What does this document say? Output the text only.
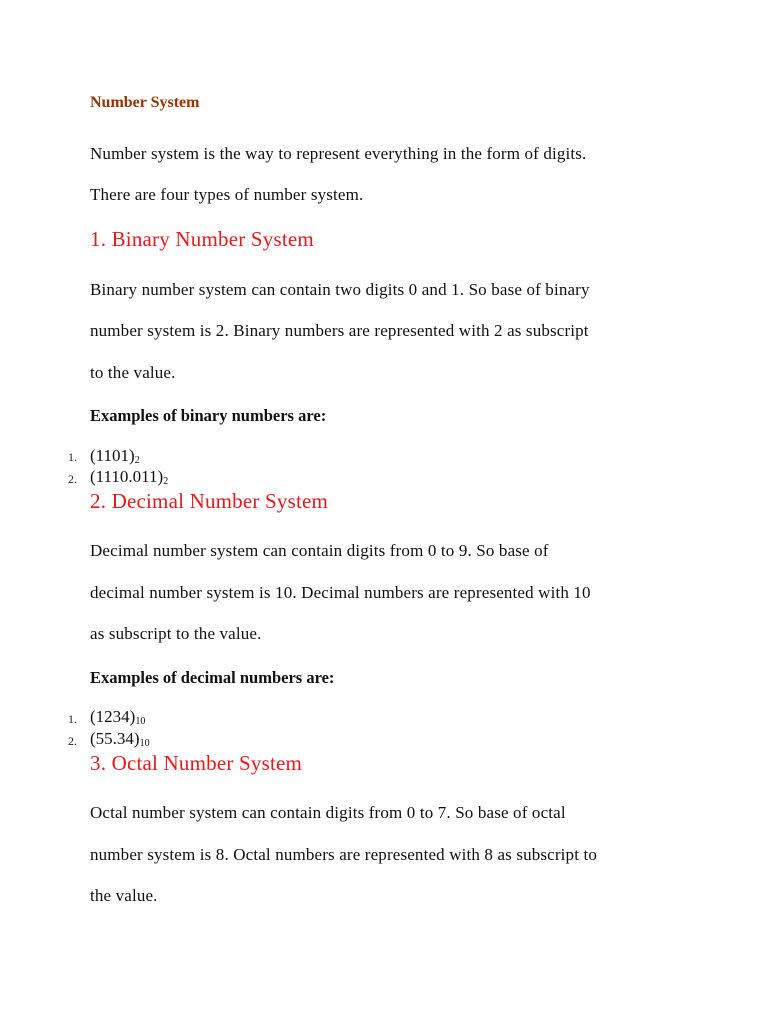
Number System
Number system is the way to represent everything in the form of digits.
There are four types of number system.
1. Binary Number System
Binary number system can contain two digits 0 and 1. So base of binary
number system is 2. Binary numbers are represented with 2 as subscript
to the value.
Examples of binary numbers are:
1. $(1101)_2$
2. $(1110.011)_2$
2. Decimal Number System
Decimal number system can contain digits from 0 to 9. So base of
decimal number system is 10. Decimal numbers are represented with 10
as subscript to the value.
Examples of decimal numbers are:
1. $(1234)_{10}$
2. $(55.34)_{10}$
3. Octal Number System
Octal number system can contain digits from 0 to 7. So base of octal
number system is 8. Octal numbers are represented with 8 as subscript to
the value.
